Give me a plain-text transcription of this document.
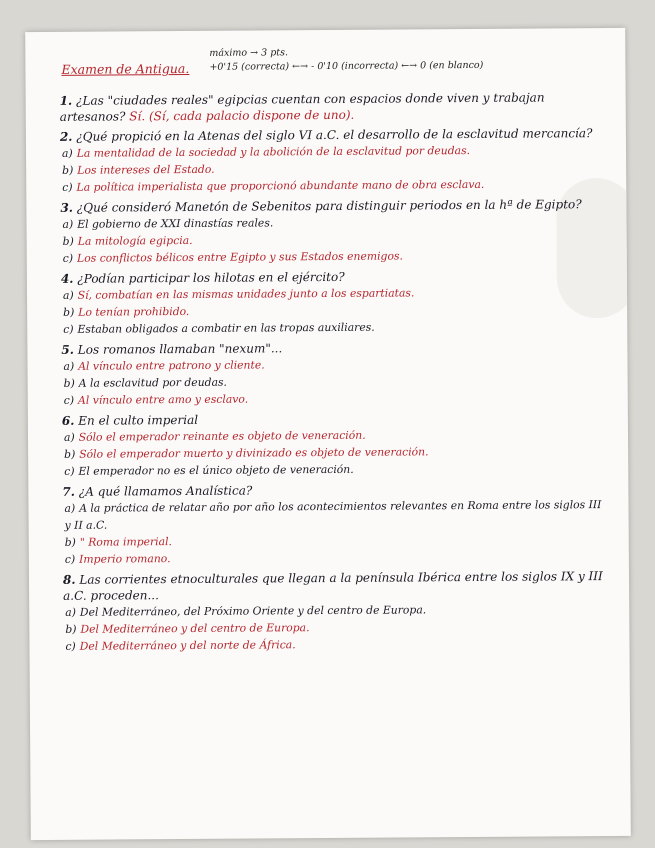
Examen de Antigua.
máximo → 3 pts.
+0'15 (correcta) ←→ - 0'10 (incorrecta) ←→ 0 (en blanco)
1. ¿Las "ciudades reales" egipcias cuentan con espacios donde viven y trabajan artesanos? Sí. (Sí, cada palacio dispone de uno).
2. ¿Qué propició en la Atenas del siglo VI a.C. el desarrollo de la esclavitud mercancía?
a) La mentalidad de la sociedad y la abolición de la esclavitud por deudas.
b) Los intereses del Estado.
c) La política imperialista que proporcionó abundante mano de obra esclava.
3. ¿Qué consideró Manetón de Sebenitos para distinguir periodos en la hª de Egipto?
a) El gobierno de XXI dinastías reales.
b) La mitología egipcia.
c) Los conflictos bélicos entre Egipto y sus Estados enemigos.
4. ¿Podían participar los hilotas en el ejército?
a) Sí, combatían en las mismas unidades junto a los espartiatas.
b) Lo tenían prohibido.
c) Estaban obligados a combatir en las tropas auxiliares.
5. Los romanos llamaban "nexum"...
a) Al vínculo entre patrono y cliente.
b) A la esclavitud por deudas.
c) Al vínculo entre amo y esclavo.
6. En el culto imperial
a) Sólo el emperador reinante es objeto de veneración.
b) Sólo el emperador muerto y divinizado es objeto de veneración.
c) El emperador no es el único objeto de veneración.
7. ¿A qué llamamos Analística?
a) A la práctica de relatar año por año los acontecimientos relevantes en Roma entre los siglos III y II a.C.
b) " Roma imperial.
c) Imperio romano.
8. Las corrientes etnoculturales que llegan a la península Ibérica entre los siglos IX y III a.C. proceden...
a) Del Mediterráneo, del Próximo Oriente y del centro de Europa.
b) Del Mediterráneo y del centro de Europa.
c) Del Mediterráneo y del norte de África.
